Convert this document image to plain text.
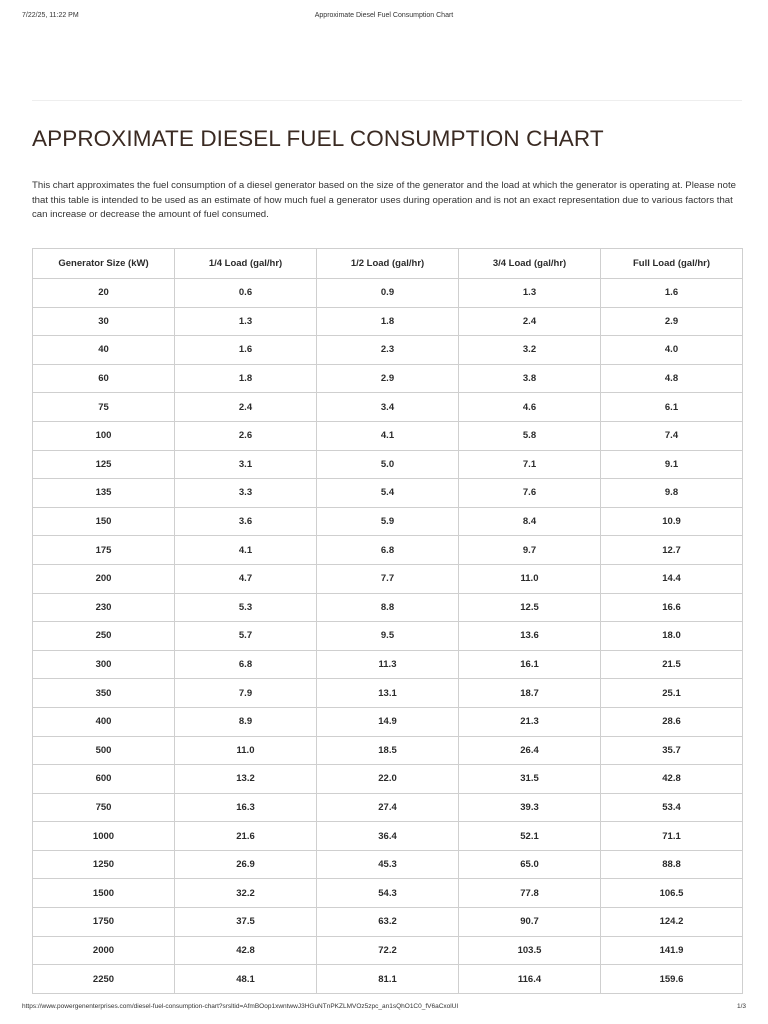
7/22/25, 11:22 PM	Approximate Diesel Fuel Consumption Chart
APPROXIMATE DIESEL FUEL CONSUMPTION CHART

This chart approximates the fuel consumption of a diesel generator based on the size of the generator and the load at which the generator is operating at. Please note that this table is intended to be used as an estimate of how much fuel a generator uses during operation and is not an exact representation due to various factors that can increase or decrease the amount of fuel consumed.

Generator Size (kW)	1/4 Load (gal/hr)	1/2 Load (gal/hr)	3/4 Load (gal/hr)	Full Load (gal/hr)
20	0.6	0.9	1.3	1.6
30	1.3	1.8	2.4	2.9
40	1.6	2.3	3.2	4.0
60	1.8	2.9	3.8	4.8
75	2.4	3.4	4.6	6.1
100	2.6	4.1	5.8	7.4
125	3.1	5.0	7.1	9.1
135	3.3	5.4	7.6	9.8
150	3.6	5.9	8.4	10.9
175	4.1	6.8	9.7	12.7
200	4.7	7.7	11.0	14.4
230	5.3	8.8	12.5	16.6
250	5.7	9.5	13.6	18.0
300	6.8	11.3	16.1	21.5
350	7.9	13.1	18.7	25.1
400	8.9	14.9	21.3	28.6
500	11.0	18.5	26.4	35.7
600	13.2	22.0	31.5	42.8
750	16.3	27.4	39.3	53.4
1000	21.6	36.4	52.1	71.1
1250	26.9	45.3	65.0	88.8
1500	32.2	54.3	77.8	106.5
1750	37.5	63.2	90.7	124.2
2000	42.8	72.2	103.5	141.9
2250	48.1	81.1	116.4	159.6
https://www.powergenenterprises.com/diesel-fuel-consumption-chart?srsltid=AfmBOop1xwntwwJ3HGuNTnPKZLMVOz5zpc_an1sQhO1C0_fV6aCxolUI	1/3
